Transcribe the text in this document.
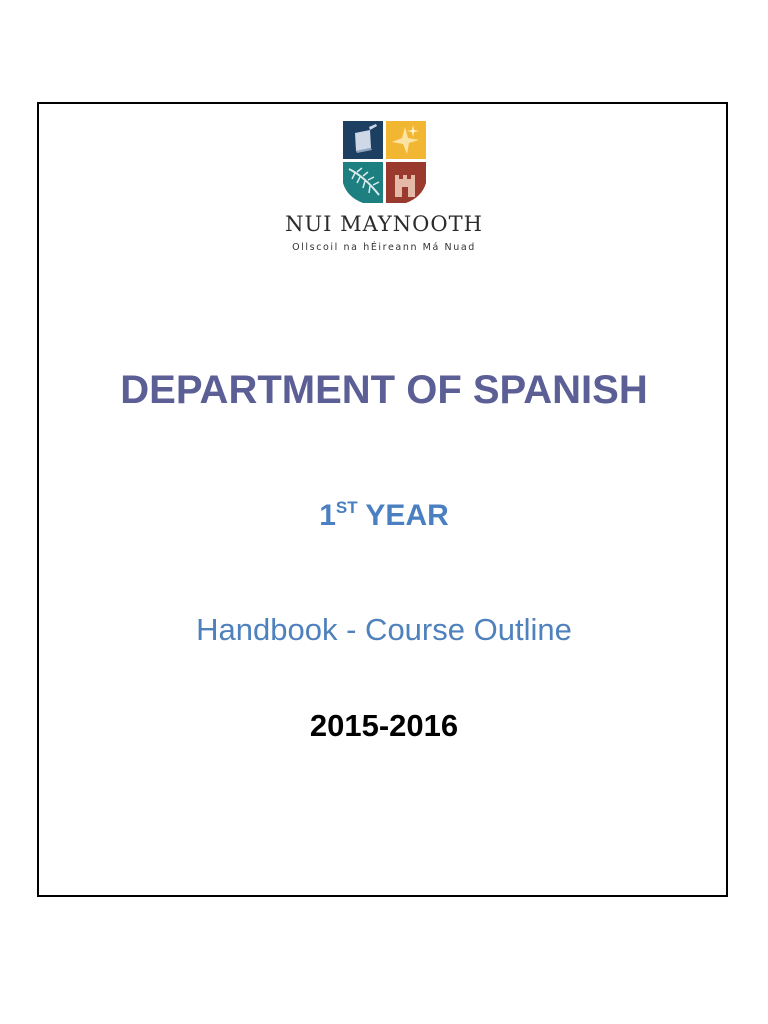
NUI MAYNOOTH
Ollscoil na hÉireann Má Nuad
DEPARTMENT OF SPANISH
1ST YEAR
Handbook - Course Outline
2015-2016
